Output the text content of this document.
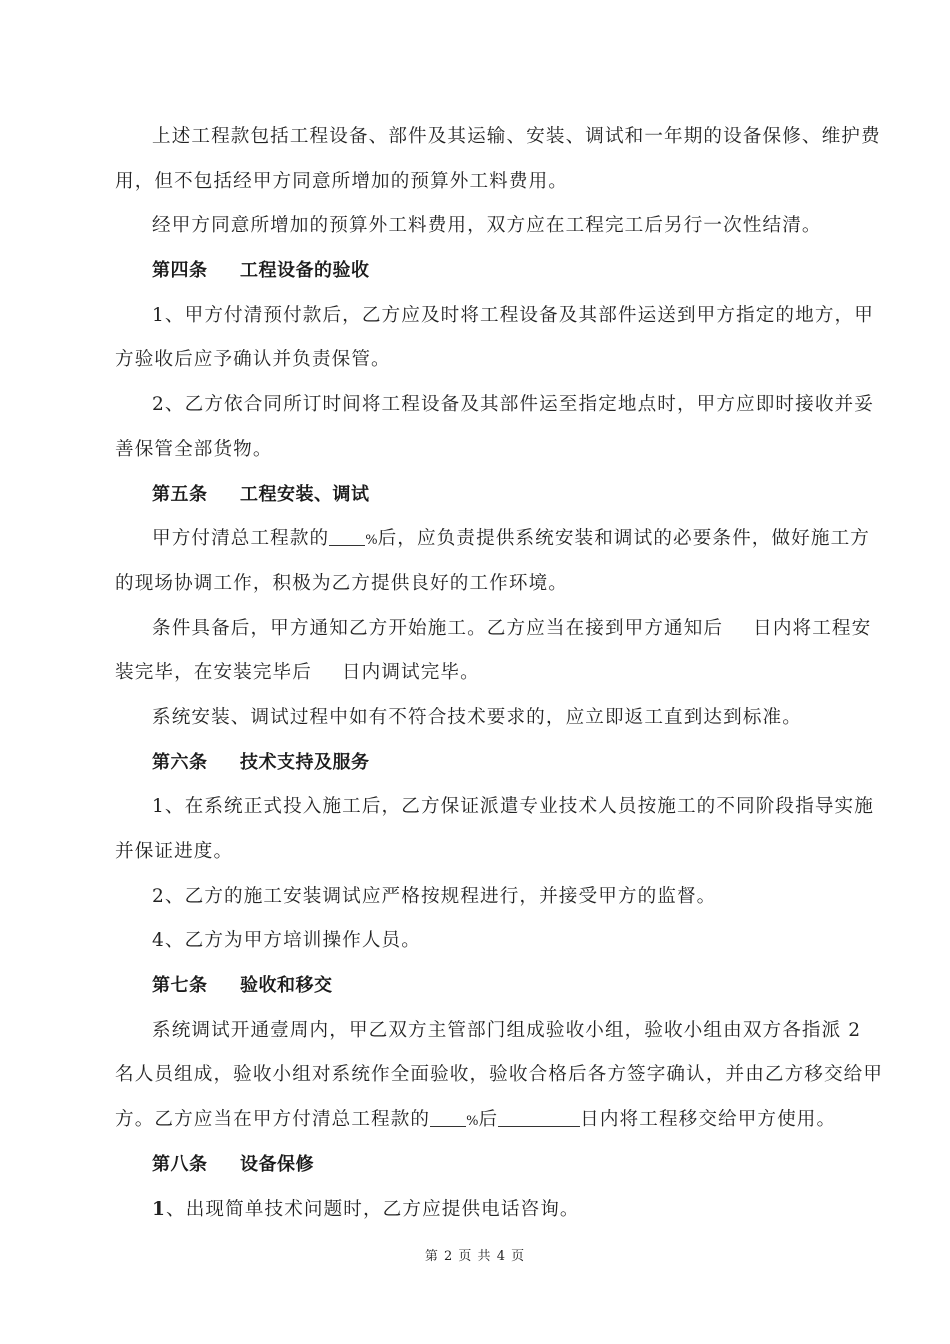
上述工程款包括工程设备、部件及其运输、安装、调试和一年期的设备保修、维护费
用，但不包括经甲方同意所增加的预算外工料费用。
经甲方同意所增加的预算外工料费用，双方应在工程完工后另行一次性结清。
第四条 工程设备的验收
1、甲方付清预付款后，乙方应及时将工程设备及其部件运送到甲方指定的地方，甲
方验收后应予确认并负责保管。
2、乙方依合同所订时间将工程设备及其部件运至指定地点时，甲方应即时接收并妥
善保管全部货物。
第五条 工程安装、调试
甲方付清总工程款的	%后，应负责提供系统安装和调试的必要条件，做好施工方
的现场协调工作，积极为乙方提供良好的工作环境。
条件具备后，甲方通知乙方开始施工。乙方应当在接到甲方通知后 日内将工程安
装完毕，在安装完毕后 日内调试完毕。
系统安装、调试过程中如有不符合技术要求的，应立即返工直到达到标准。
第六条 技术支持及服务
1、在系统正式投入施工后，乙方保证派遣专业技术人员按施工的不同阶段指导实施
并保证进度。
2、乙方的施工安装调试应严格按规程进行，并接受甲方的监督。
4、乙方为甲方培训操作人员。
第七条 验收和移交
系统调试开通壹周内，甲乙双方主管部门组成验收小组，验收小组由双方各指派 2
名人员组成，验收小组对系统作全面验收，验收合格后各方签字确认，并由乙方移交给甲
方。乙方应当在甲方付清总工程款的	%后	日内将工程移交给甲方使用。
第八条 设备保修
1、出现简单技术问题时，乙方应提供电话咨询。
第 2 页 共 4 页
